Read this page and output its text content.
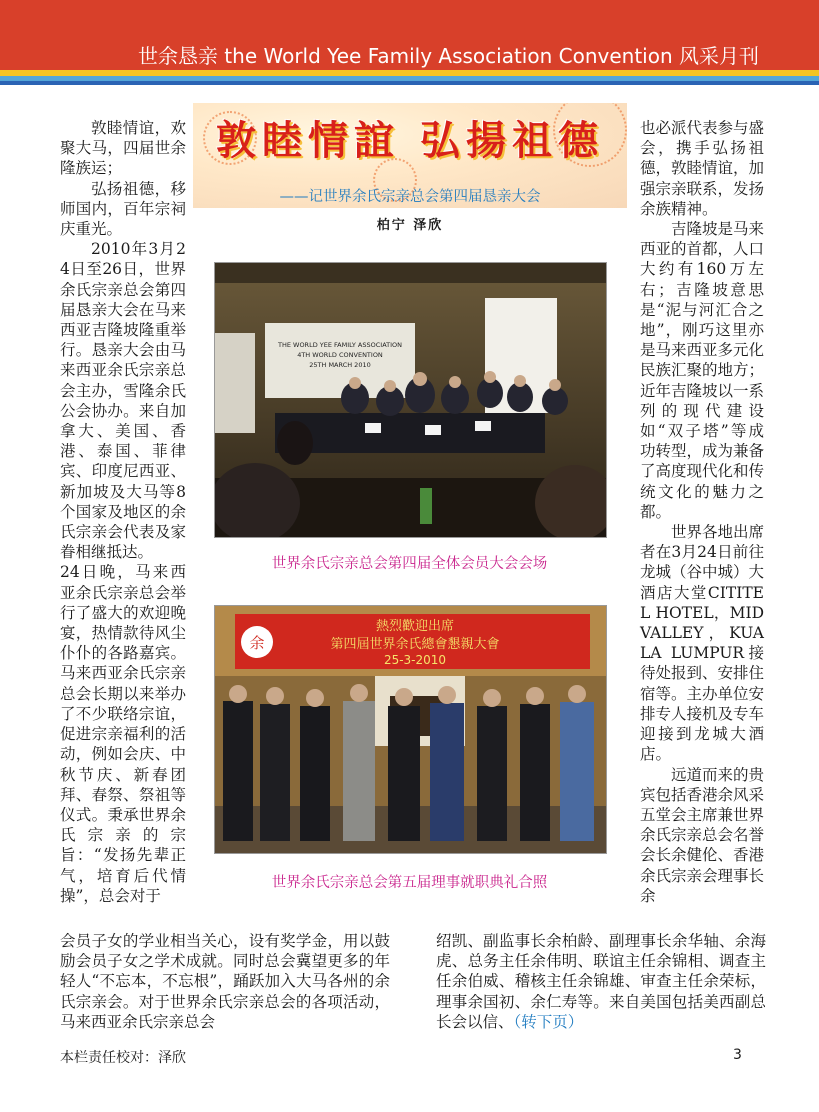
世余恳亲 the World Yee Family Association Convention 风采月刊
敦睦情誼 弘揚祖德
——记世界余氏宗亲总会第四届恳亲大会
柏宁 泽欣

敦睦情谊，欢聚大马，四届世余隆族运；

弘扬祖德，移师国内，百年宗祠庆重光。

2010年3月24日至26日，世界余氏宗亲总会第四届恳亲大会在马来西亚吉隆坡隆重举行。恳亲大会由马来西亚余氏宗亲总会主办，雪隆余氏公会协办。来自加拿大、美国、香港、泰国、菲律宾、印度尼西亚、新加坡及大马等8个国家及地区的余氏宗亲会代表及家眷相继抵达。

24日晚，马来西亚余氏宗亲总会举行了盛大的欢迎晚宴，热情款待风尘仆仆的各路嘉宾。马来西亚余氏宗亲总会长期以来举办了不少联络宗谊，促进宗亲福利的活动，例如会庆、中秋节庆、新春团拜、春祭、祭祖等仪式。秉承世界余氏宗亲的宗旨：“发扬先辈正气，培育后代情操”，总会对于

也必派代表参与盛会，携手弘扬祖德，敦睦情谊，加强宗亲联系，发扬余族精神。

吉隆坡是马来西亚的首都，人口大约有160万左右；吉隆坡意思是“泥与河汇合之地”，刚巧这里亦是马来西亚多元化民族汇聚的地方；近年吉隆坡以一系列的现代建设如“双子塔”等成功转型，成为兼备了高度现代化和传统文化的魅力之都。

世界各地出席者在3月24日前往龙城（谷中城）大酒店大堂CITITEL HOTEL，MID VALLEY，KUALA LUMPUR接待处报到、安排住宿等。主办单位安排专人接机及专车迎接到龙城大酒店。

远道而来的贵宾包括香港余风采五堂会主席兼世界余氏宗亲总会名誉会长余健伦、香港余氏宗亲会理事长余

THE WORLD YEE FAMILY ASSOCIATION
4TH WORLD CONVENTION
25TH MARCH 2010
世界余氏宗亲总会第四届全体会员大会会场
余
熱烈歡迎出席
第四屆世界余氏總會懇親大會
25-3-2010
世界余氏宗亲总会第五届理事就职典礼合照

会员子女的学业相当关心，设有奖学金，用以鼓励会员子女之学术成就。同时总会冀望更多的年轻人“不忘本，不忘根”，踊跃加入大马各州的余氏宗亲会。对于世界余氏宗亲总会的各项活动，马来西亚余氏宗亲总会

绍凯、副监事长余柏龄、副理事长余华轴、余海虎、总务主任余伟明、联谊主任余锦相、调查主任余伯威、稽核主任余锦雄、审查主任余荣标，理事余国初、余仁寿等。来自美国包括美西副总长会以信、（转下页）

本栏责任校对：泽欣	3
